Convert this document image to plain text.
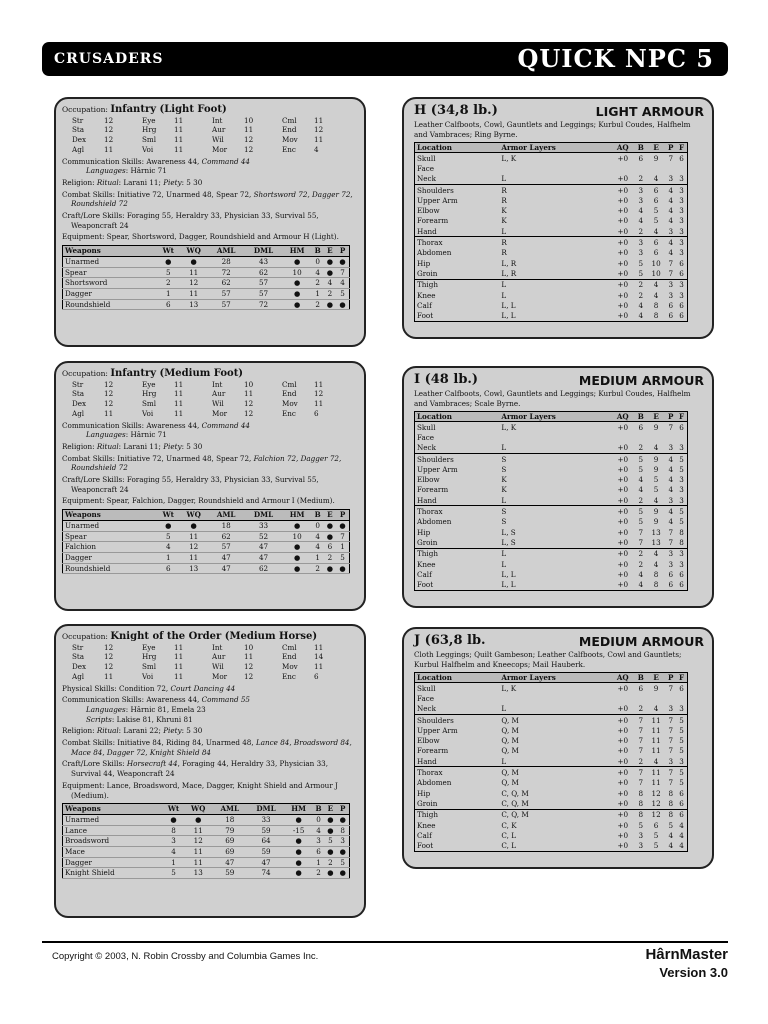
CRUSADERS	QUICK NPC 5
Occupation: Infantry (Light Foot)
Str	12	Eye	11	Int	10	Cml	11
Sta	12	Hrg	11	Aur	11	End	12
Dex	12	Sml	11	Wil	12	Mov	11
Agl	11	Voi	11	Mor	12	Enc	4
Communication Skills: Awareness 44, Command 44
Languages: Hârnic 71
Religion: Ritual: Larani 11; Piety: 5 30
Combat Skills: Initiative 72, Unarmed 48, Spear 72, Shortsword 72, Dagger 72, Roundshield 72
Craft/Lore Skills: Foraging 55, Heraldry 33, Physician 33, Survival 55, Weaponcraft 24
Equipment: Spear, Shortsword, Dagger, Roundshield and Armour H (Light).
Weapons	Wt	WQ	AML	DML	HM	B	E	P
Unarmed	●	●	28	43	●	0	●	●
Spear	5	11	72	62	10	4	●	7
Shortsword	2	12	62	57	●	2	4	4
Dagger	1	11	57	57	●	1	2	5
Roundshield	6	13	57	72	●	2	●	●
Occupation: Infantry (Medium Foot)
Str	12	Eye	11	Int	10	Cml	11
Sta	12	Hrg	11	Aur	11	End	12
Dex	12	Sml	11	Wil	12	Mov	11
Agl	11	Voi	11	Mor	12	Enc	6
Communication Skills: Awareness 44, Command 44
Languages: Hârnic 71
Religion: Ritual: Larani 11; Piety: 5 30
Combat Skills: Initiative 72, Unarmed 48, Spear 72, Falchion 72, Dagger 72, Roundshield 72
Craft/Lore Skills: Foraging 55, Heraldry 33, Physician 33, Survival 55, Weaponcraft 24
Equipment: Spear, Falchion, Dagger, Roundshield and Armour I (Medium).
Weapons	Wt	WQ	AML	DML	HM	B	E	P
Unarmed	●	●	18	33	●	0	●	●
Spear	5	11	62	52	10	4	●	7
Falchion	4	12	57	47	●	4	6	1
Dagger	1	11	47	47	●	1	2	5
Roundshield	6	13	47	62	●	2	●	●
Occupation: Knight of the Order (Medium Horse)
Str	12	Eye	11	Int	10	Cml	11
Sta	12	Hrg	11	Aur	11	End	14
Dex	12	Sml	11	Wil	12	Mov	11
Agl	11	Voi	11	Mor	12	Enc	6
Physical Skills: Condition 72, Court Dancing 44
Communication Skills: Awareness 44, Command 55
Languages: Hârnic 81, Emela 23
Scripts: Lakise 81, Khruni 81
Religion: Ritual: Larani 22; Piety: 5 30
Combat Skills: Initiative 84, Riding 84, Unarmed 48, Lance 84, Broadsword 84, Mace 84, Dagger 72, Knight Shield 84
Craft/Lore Skills: Horsecraft 44, Foraging 44, Heraldry 33, Physician 33, Survival 44, Weaponcraft 24
Equipment: Lance, Broadsword, Mace, Dagger, Knight Shield and Armour J (Medium).
Weapons	Wt	WQ	AML	DML	HM	B	E	P
Unarmed	●	●	18	33	●	0	●	●
Lance	8	11	79	59	-15	4	●	8
Broadsword	3	12	69	64	●	3	5	3
Mace	4	11	69	59	●	6	●	●
Dagger	1	11	47	47	●	1	2	5
Knight Shield	5	13	59	74	●	2	●	●
H (34,8 lb.)	LIGHT ARMOUR
Leather Calfboots, Cowl, Gauntlets and Leggings; Kurbul Coudes, Halfhelm and Vambraces; Ring Byrne.
Location	Armor Layers	AQ	B	E	P	F
Skull	L, K	+0	6	9	7	6
Face						
Neck	L	+0	2	4	3	3
Shoulders	R	+0	3	6	4	3
Upper Arm	R	+0	3	6	4	3
Elbow	K	+0	4	5	4	3
Forearm	K	+0	4	5	4	3
Hand	L	+0	2	4	3	3
Thorax	R	+0	3	6	4	3
Abdomen	R	+0	3	6	4	3
Hip	L, R	+0	5	10	7	6
Groin	L, R	+0	5	10	7	6
Thigh	L	+0	2	4	3	3
Knee	L	+0	2	4	3	3
Calf	L, L	+0	4	8	6	6
Foot	L, L	+0	4	8	6	6
I (48 lb.)	MEDIUM ARMOUR
Leather Calfboots, Cowl, Gauntlets and Leggings; Kurbul Coudes, Halfhelm and Vambraces; Scale Byrne.
Location	Armor Layers	AQ	B	E	P	F
Skull	L, K	+0	6	9	7	6
Face						
Neck	L	+0	2	4	3	3
Shoulders	S	+0	5	9	4	5
Upper Arm	S	+0	5	9	4	5
Elbow	K	+0	4	5	4	3
Forearm	K	+0	4	5	4	3
Hand	L	+0	2	4	3	3
Thorax	S	+0	5	9	4	5
Abdomen	S	+0	5	9	4	5
Hip	L, S	+0	7	13	7	8
Groin	L, S	+0	7	13	7	8
Thigh	L	+0	2	4	3	3
Knee	L	+0	2	4	3	3
Calf	L, L	+0	4	8	6	6
Foot	L, L	+0	4	8	6	6
J (63,8 lb.	MEDIUM ARMOUR
Cloth Leggings; Quilt Gambeson; Leather Calfboots, Cowl and Gauntlets; Kurbul Halfhelm and Kneecops; Mail Hauberk.
Location	Armor Layers	AQ	B	E	P	F
Skull	L, K	+0	6	9	7	6
Face						
Neck	L	+0	2	4	3	3
Shoulders	Q, M	+0	7	11	7	5
Upper Arm	Q, M	+0	7	11	7	5
Elbow	Q, M	+0	7	11	7	5
Forearm	Q, M	+0	7	11	7	5
Hand	L	+0	2	4	3	3
Thorax	Q, M	+0	7	11	7	5
Abdomen	Q, M	+0	7	11	7	5
Hip	C, Q, M	+0	8	12	8	6
Groin	C, Q, M	+0	8	12	8	6
Thigh	C, Q, M	+0	8	12	8	6
Knee	C, K	+0	5	6	5	4
Calf	C, L	+0	3	5	4	4
Foot	C, L	+0	3	5	4	4
Copyright © 2003, N. Robin Crossby and Columbia Games Inc.	HârnMaster
Version 3.0
